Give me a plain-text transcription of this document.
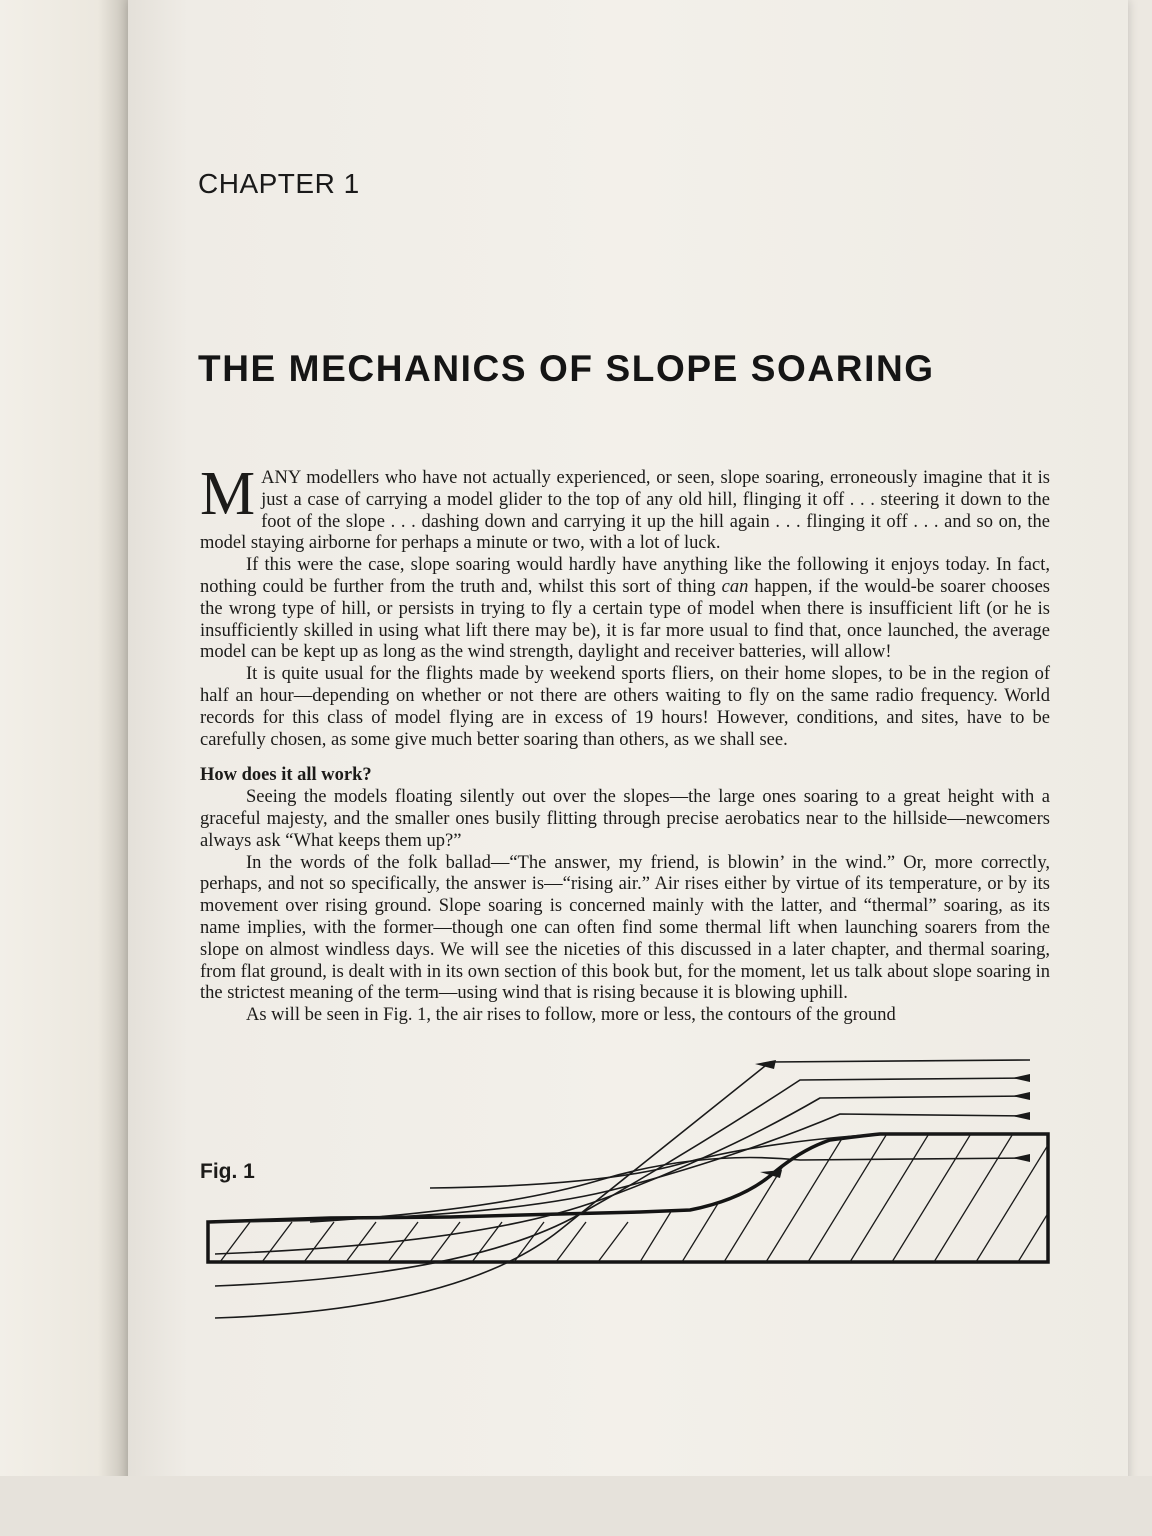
CHAPTER 1
THE MECHANICS OF SLOPE SOARING

MANY modellers who have not actually experienced, or seen, slope soaring, erroneously imagine that it is just a case of carrying a model glider to the top of any old hill, flinging it off . . . steering it down to the foot of the slope . . . dashing down and carrying it up the hill again . . . flinging it off . . . and so on, the model staying airborne for perhaps a minute or two, with a lot of luck.

If this were the case, slope soaring would hardly have anything like the following it enjoys today. In fact, nothing could be further from the truth and, whilst this sort of thing can happen, if the would-be soarer chooses the wrong type of hill, or persists in trying to fly a certain type of model when there is insufficient lift (or he is insufficiently skilled in using what lift there may be), it is far more usual to find that, once launched, the average model can be kept up as long as the wind strength, daylight and receiver batteries, will allow!

It is quite usual for the flights made by weekend sports fliers, on their home slopes, to be in the region of half an hour—depending on whether or not there are others waiting to fly on the same radio frequency. World records for this class of model flying are in excess of 19 hours! However, conditions, and sites, have to be carefully chosen, as some give much better soaring than others, as we shall see.

How does it all work?

Seeing the models floating silently out over the slopes—the large ones soaring to a great height with a graceful majesty, and the smaller ones busily flitting through precise aerobatics near to the hillside—newcomers always ask “What keeps them up?”

In the words of the folk ballad—“The answer, my friend, is blowin’ in the wind.” Or, more correctly, perhaps, and not so specifically, the answer is—“rising air.” Air rises either by virtue of its temperature, or by its movement over rising ground. Slope soaring is concerned mainly with the latter, and “thermal” soaring, as its name implies, with the former—though one can often find some thermal lift when launching soarers from the slope on almost windless days. We will see the niceties of this discussed in a later chapter, and thermal soaring, from flat ground, is dealt with in its own section of this book but, for the moment, let us talk about slope soaring in the strictest meaning of the term—using wind that is rising because it is blowing uphill.

As will be seen in Fig. 1, the air rises to follow, more or less, the contours of the ground

Fig. 1
